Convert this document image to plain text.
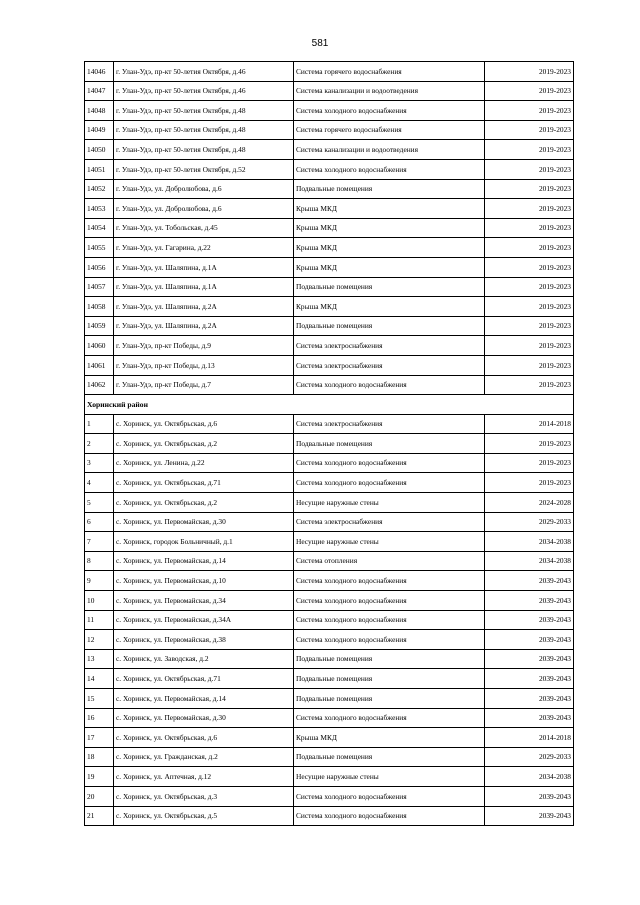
581
14046	г. Улан-Удэ, пр-кт 50-летия Октября, д.46	Система горячего водоснабжения	2019-2023
14047	г. Улан-Удэ, пр-кт 50-летия Октября, д.46	Система канализации и водоотведения	2019-2023
14048	г. Улан-Удэ, пр-кт 50-летия Октября, д.48	Система холодного водоснабжения	2019-2023
14049	г. Улан-Удэ, пр-кт 50-летия Октября, д.48	Система горячего водоснабжения	2019-2023
14050	г. Улан-Удэ, пр-кт 50-летия Октября, д.48	Система канализации и водоотведения	2019-2023
14051	г. Улан-Удэ, пр-кт 50-летия Октября, д.52	Система холодного водоснабжения	2019-2023
14052	г. Улан-Удэ, ул. Добролюбова, д.6	Подвальные помещения	2019-2023
14053	г. Улан-Удэ, ул. Добролюбова, д.6	Крыша МКД	2019-2023
14054	г. Улан-Удэ, ул. Тобольская, д.45	Крыша МКД	2019-2023
14055	г. Улан-Удэ, ул. Гагарина, д.22	Крыша МКД	2019-2023
14056	г. Улан-Удэ, ул. Шаляпина, д.1А	Крыша МКД	2019-2023
14057	г. Улан-Удэ, ул. Шаляпина, д.1А	Подвальные помещения	2019-2023
14058	г. Улан-Удэ, ул. Шаляпина, д.2А	Крыша МКД	2019-2023
14059	г. Улан-Удэ, ул. Шаляпина, д.2А	Подвальные помещения	2019-2023
14060	г. Улан-Удэ, пр-кт Победы, д.9	Система электроснабжения	2019-2023
14061	г. Улан-Удэ, пр-кт Победы, д.13	Система электроснабжения	2019-2023
14062	г. Улан-Удэ, пр-кт Победы, д.7	Система холодного водоснабжения	2019-2023
Хоринский район			
1	с. Хоринск, ул. Октябрьская, д.6	Система электроснабжения	2014-2018
2	с. Хоринск, ул. Октябрьская, д.2	Подвальные помещения	2019-2023
3	с. Хоринск, ул. Ленина, д.22	Система холодного водоснабжения	2019-2023
4	с. Хоринск, ул. Октябрьская, д.71	Система холодного водоснабжения	2019-2023
5	с. Хоринск, ул. Октябрьская, д.2	Несущие наружные стены	2024-2028
6	с. Хоринск, ул. Первомайская, д.30	Система электроснабжения	2029-2033
7	с. Хоринск, городок Больничный, д.1	Несущие наружные стены	2034-2038
8	с. Хоринск, ул. Первомайская, д.14	Система отопления	2034-2038
9	с. Хоринск, ул. Первомайская, д.10	Система холодного водоснабжения	2039-2043
10	с. Хоринск, ул. Первомайская, д.34	Система холодного водоснабжения	2039-2043
11	с. Хоринск, ул. Первомайская, д.34А	Система холодного водоснабжения	2039-2043
12	с. Хоринск, ул. Первомайская, д.38	Система холодного водоснабжения	2039-2043
13	с. Хоринск, ул. Заводская, д.2	Подвальные помещения	2039-2043
14	с. Хоринск, ул. Октябрьская, д.71	Подвальные помещения	2039-2043
15	с. Хоринск, ул. Первомайская, д.14	Подвальные помещения	2039-2043
16	с. Хоринск, ул. Первомайская, д.30	Система холодного водоснабжения	2039-2043
17	с. Хоринск, ул. Октябрьская, д.6	Крыша МКД	2014-2018
18	с. Хоринск, ул. Гражданская, д.2	Подвальные помещения	2029-2033
19	с. Хоринск, ул. Аптечная, д.12	Несущие наружные стены	2034-2038
20	с. Хоринск, ул. Октябрьская, д.3	Система холодного водоснабжения	2039-2043
21	с. Хоринск, ул. Октябрьская, д.5	Система холодного водоснабжения	2039-2043
